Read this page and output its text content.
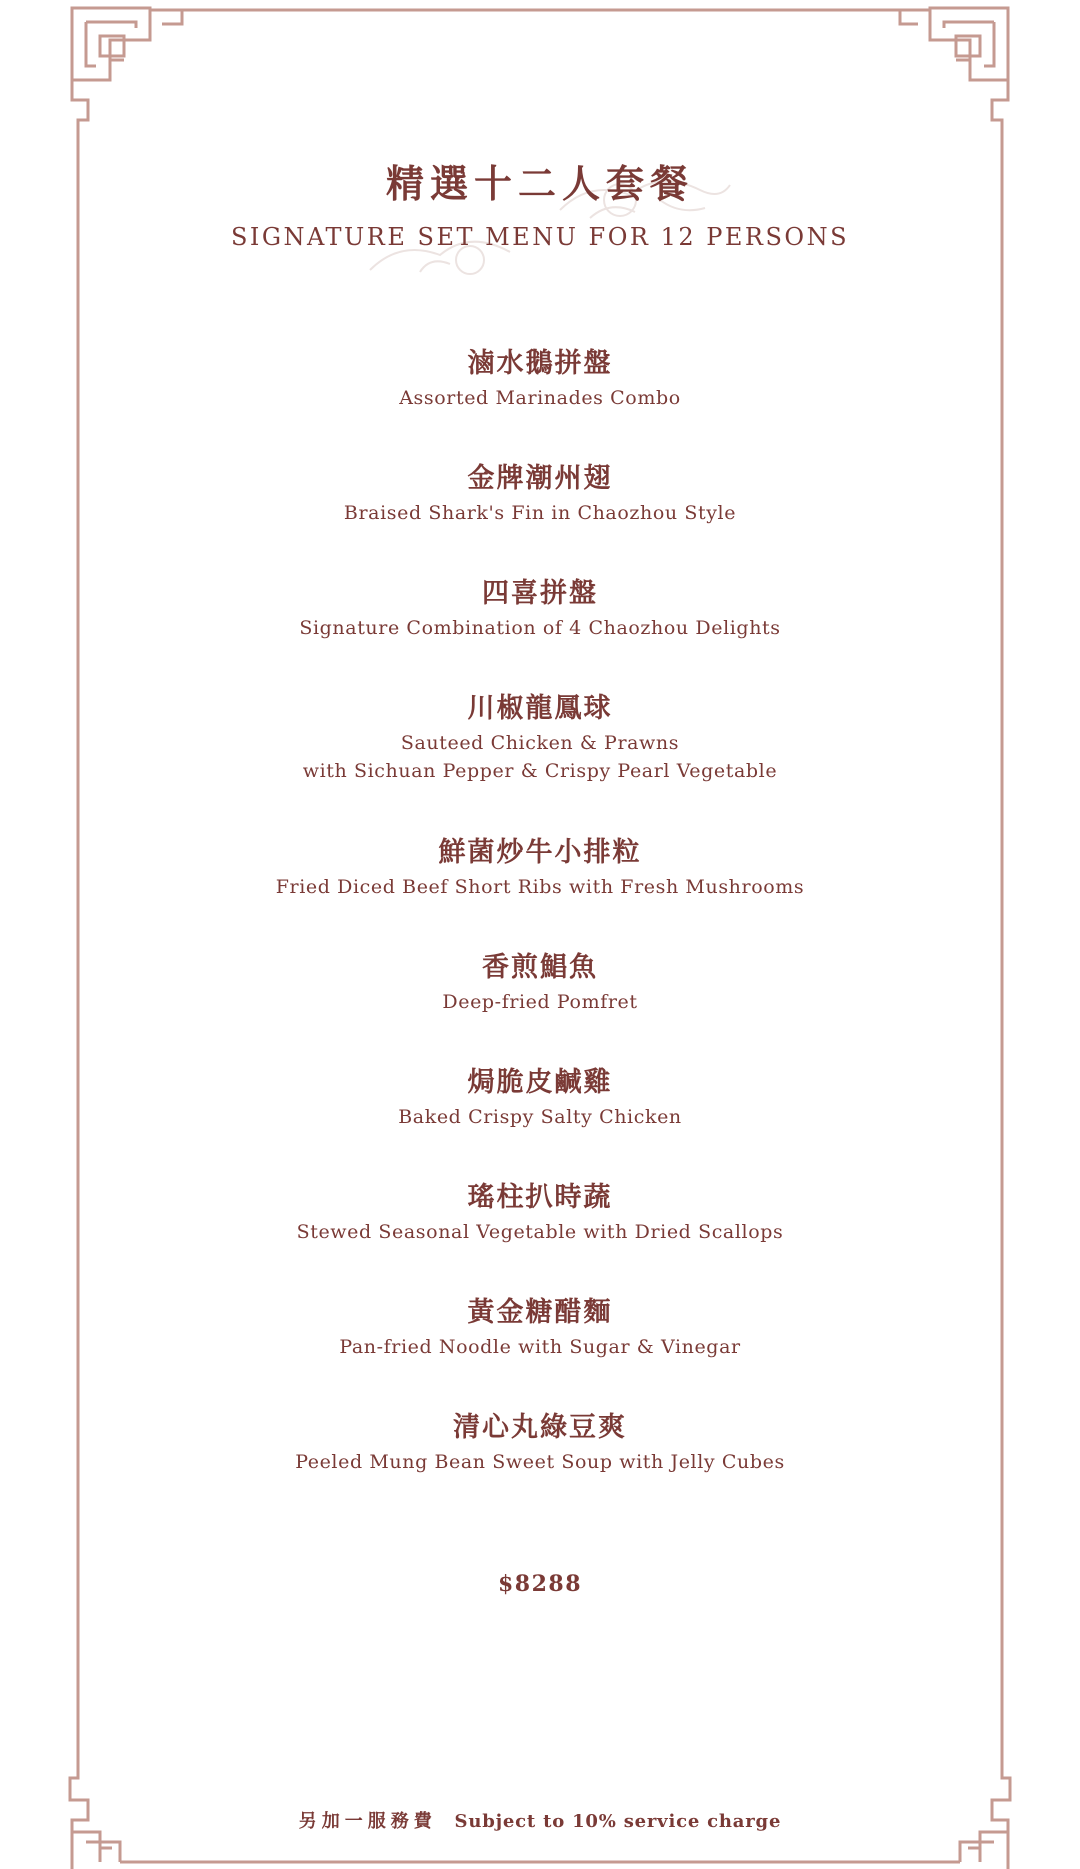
精選十二人套餐
SIGNATURE SET MENU FOR 12 PERSONS
滷水鵝拼盤
Assorted Marinades Combo
金牌潮州翅
Braised Shark's Fin in Chaozhou Style
四喜拼盤
Signature Combination of 4 Chaozhou Delights
川椒龍鳳球
Sauteed Chicken & Prawns
with Sichuan Pepper & Crispy Pearl Vegetable
鮮菌炒牛小排粒
Fried Diced Beef Short Ribs with Fresh Mushrooms
香煎鯧魚
Deep-fried Pomfret
焗脆皮鹹雞
Baked Crispy Salty Chicken
瑤柱扒時蔬
Stewed Seasonal Vegetable with Dried Scallops
黃金糖醋麵
Pan-fried Noodle with Sugar & Vinegar
清心丸綠豆爽
Peeled Mung Bean Sweet Soup with Jelly Cubes
$8288
另加一服務費 Subject to 10% service charge
